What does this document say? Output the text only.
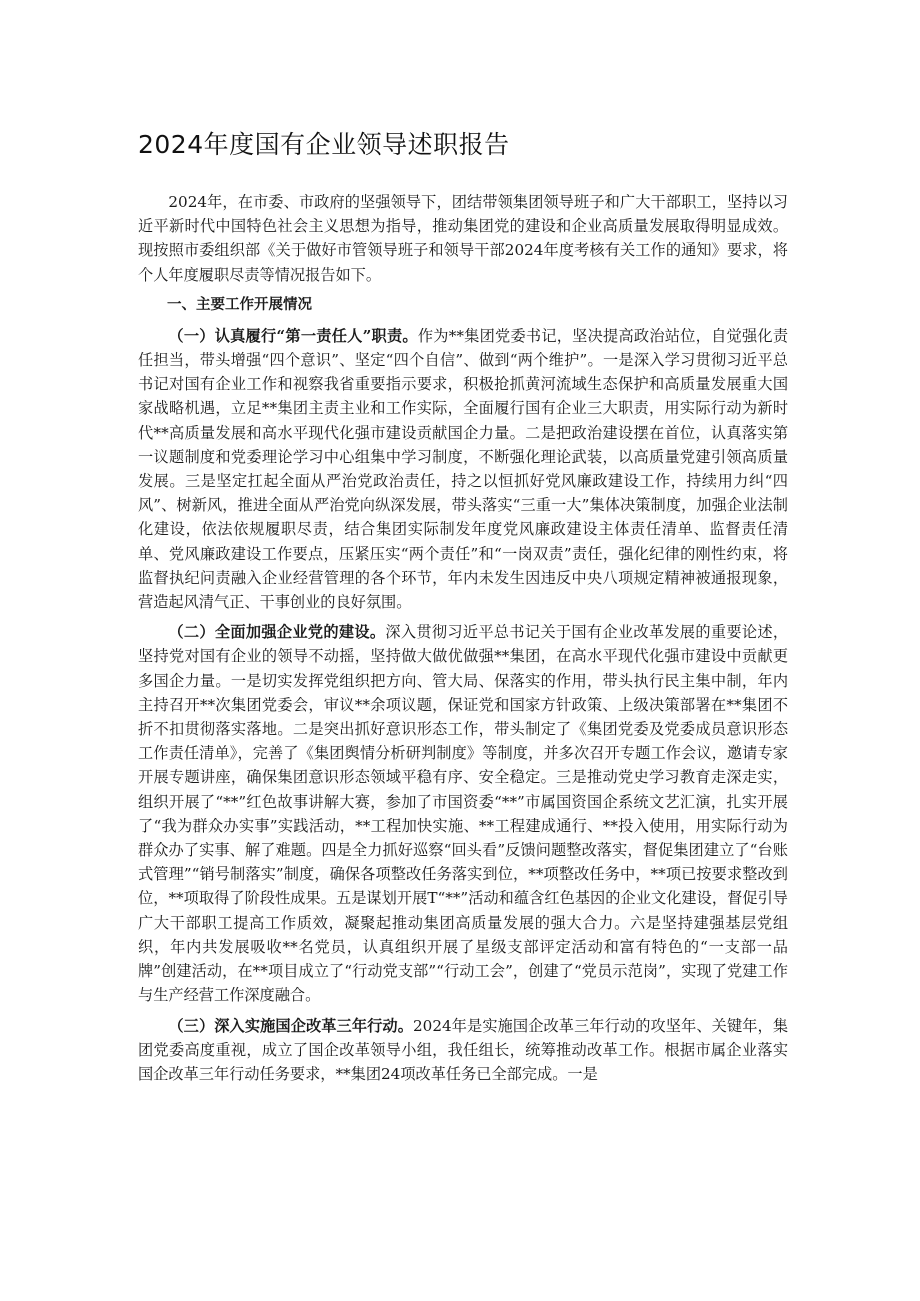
2024年度国有企业领导述职报告

2024年，在市委、市政府的坚强领导下，团结带领集团领导班子和广大干部职工，坚持以习近平新时代中国特色社会主义思想为指导，推动集团党的建设和企业高质量发展取得明显成效。现按照市委组织部《关于做好市管领导班子和领导干部2024年度考核有关工作的通知》要求，将个人年度履职尽责等情况报告如下。

一、主要工作开展情况

（一）认真履行“第一责任人”职责。作为**集团党委书记，坚决提高政治站位，自觉强化责任担当，带头增强“四个意识”、坚定“四个自信”、做到“两个维护”。一是深入学习贯彻习近平总书记对国有企业工作和视察我省重要指示要求，积极抢抓黄河流域生态保护和高质量发展重大国家战略机遇，立足**集团主责主业和工作实际，全面履行国有企业三大职责，用实际行动为新时代**高质量发展和高水平现代化强市建设贡献国企力量。二是把政治建设摆在首位，认真落实第一议题制度和党委理论学习中心组集中学习制度，不断强化理论武装，以高质量党建引领高质量发展。三是坚定扛起全面从严治党政治责任，持之以恒抓好党风廉政建设工作，持续用力纠“四风”、树新风，推进全面从严治党向纵深发展，带头落实“三重一大”集体决策制度，加强企业法制化建设，依法依规履职尽责，结合集团实际制发年度党风廉政建设主体责任清单、监督责任清单、党风廉政建设工作要点，压紧压实“两个责任”和“一岗双责”责任，强化纪律的刚性约束，将监督执纪问责融入企业经营管理的各个环节，年内未发生因违反中央八项规定精神被通报现象，营造起风清气正、干事创业的良好氛围。

（二）全面加强企业党的建设。深入贯彻习近平总书记关于国有企业改革发展的重要论述，坚持党对国有企业的领导不动摇，坚持做大做优做强**集团，在高水平现代化强市建设中贡献更多国企力量。一是切实发挥党组织把方向、管大局、保落实的作用，带头执行民主集中制，年内主持召开**次集团党委会，审议**余项议题，保证党和国家方针政策、上级决策部署在**集团不折不扣贯彻落实落地。二是突出抓好意识形态工作，带头制定了《集团党委及党委成员意识形态工作责任清单》，完善了《集团舆情分析研判制度》等制度，并多次召开专题工作会议，邀请专家开展专题讲座，确保集团意识形态领域平稳有序、安全稳定。三是推动党史学习教育走深走实，组织开展了“**”红色故事讲解大赛，参加了市国资委“**”市属国资国企系统文艺汇演，扎实开展了“我为群众办实事”实践活动，**工程加快实施、**工程建成通行、**投入使用，用实际行动为群众办了实事、解了难题。四是全力抓好巡察“回头看”反馈问题整改落实，督促集团建立了“台账式管理”“销号制落实”制度，确保各项整改任务落实到位，**项整改任务中，**项已按要求整改到位，**项取得了阶段性成果。五是谋划开展T“**”活动和蕴含红色基因的企业文化建设，督促引导广大干部职工提高工作质效，凝聚起推动集团高质量发展的强大合力。六是坚持建强基层党组织，年内共发展吸收**名党员，认真组织开展了星级支部评定活动和富有特色的“一支部一品牌”创建活动，在**项目成立了“行动党支部”“行动工会”，创建了“党员示范岗”，实现了党建工作与生产经营工作深度融合。

（三）深入实施国企改革三年行动。2024年是实施国企改革三年行动的攻坚年、关键年，集团党委高度重视，成立了国企改革领导小组，我任组长，统筹推动改革工作。根据市属企业落实国企改革三年行动任务要求，**集团24项改革任务已全部完成。一是
